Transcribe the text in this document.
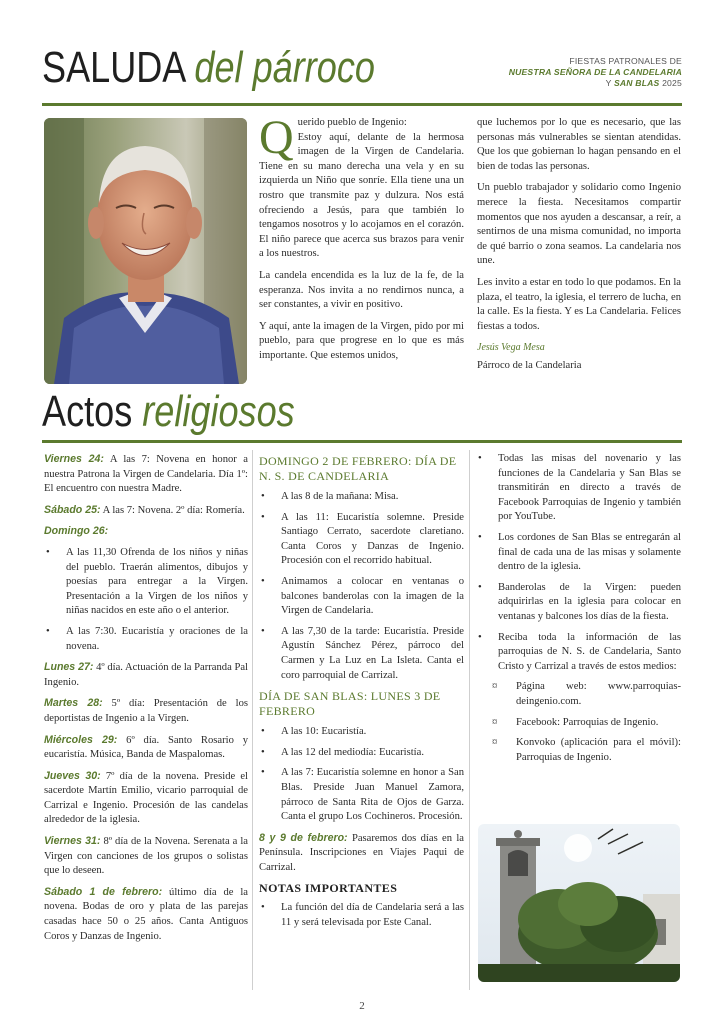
SALUDA del párroco	FIESTAS PATRONALES DE
NUESTRA SEÑORA DE LA CANDELARIA
Y SAN BLAS 2025

Querido pueblo de Ingenio:
Estoy aquí, delante de la hermosa imagen de la Virgen de Candelaria. Tiene en su mano derecha una vela y en su izquierda un Niño que sonríe. Ella tiene una un rostro que transmite paz y dulzura. Nos está ofreciendo a Jesús, para que también lo tengamos nosotros y lo acojamos en el corazón. El niño parece que acerca sus brazos para venir a los nuestros.

La candela encendida es la luz de la fe, de la esperanza. Nos invita a no rendirnos nunca, a ser constantes, a vivir en positivo.

Y aquí, ante la imagen de la Virgen, pido por mi pueblo, para que progrese en lo que es más importante. Que estemos unidos,

que luchemos por lo que es necesario, que las personas más vulnerables se sientan atendidas. Que los que gobiernan lo hagan pensando en el bien de todas las personas.

Un pueblo trabajador y solidario como Ingenio merece la fiesta. Necesitamos compartir momentos que nos ayuden a descansar, a reír, a sentirnos de una misma comunidad, no importa de qué barrio o zona seamos. La candelaria nos une.

Les invito a estar en todo lo que podamos. En la plaza, el teatro, la iglesia, el terrero de lucha, en la calle. Es la fiesta. Y es La Candelaria. Felices fiestas a todos.

Jesús Vega Mesa
Párroco de la Candelaria
Actos religiosos

Viernes 24: A las 7: Novena en honor a nuestra Patrona la Virgen de Candelaria. Día 1º: El encuentro con nuestra Madre.

Sábado 25: A las 7: Novena. 2º día: Romería.

Domingo 26:

• A las 11,30 Ofrenda de los niños y niñas del pueblo. Traerán alimentos, dibujos y poesías para entregar a la Virgen. Presentación a la Virgen de los niños y niñas nacidos en este año o el anterior.
• A las 7:30. Eucaristía y oraciones de la novena.

Lunes 27: 4º día. Actuación de la Parranda Pal Ingenio.

Martes 28: 5º día: Presentación de los deportistas de Ingenio a la Virgen.

Miércoles 29: 6º día. Santo Rosario y eucaristía. Música, Banda de Maspalomas.

Jueves 30: 7º día de la novena. Preside el sacerdote Martín Emilio, vicario parroquial de Carrizal e Ingenio. Procesión de las candelas alrededor de la iglesia.

Viernes 31: 8º día de la Novena. Serenata a la Virgen con canciones de los grupos o solistas que lo deseen.

Sábado 1 de febrero: último día de la novena. Bodas de oro y plata de las parejas casadas hace 50 o 25 años. Canta Antiguos Coros y Danzas de Ingenio.

DOMINGO 2 DE FEBRERO: DÍA DE N. S. DE CANDELARIA
• A las 8 de la mañana: Misa.
• A las 11: Eucaristía solemne. Preside Santiago Cerrato, sacerdote claretiano. Canta Coros y Danzas de Ingenio. Procesión con el recorrido habitual.
• Animamos a colocar en ventanas o balcones banderolas con la imagen de la Virgen de Candelaria.
• A las 7,30 de la tarde: Eucaristía. Preside Agustín Sánchez Pérez, párroco del Carmen y La Luz en La Isleta. Canta el coro parroquial de Carrizal.
DÍA DE SAN BLAS: LUNES 3 DE FEBRERO
• A las 10: Eucaristía.
• A las 12 del mediodía: Eucaristía.
• A las 7: Eucaristía solemne en honor a San Blas. Preside Juan Manuel Zamora, párroco de Santa Rita de Ojos de Garza. Canta el grupo Los Cochineros. Procesión.

8 y 9 de febrero: Pasaremos dos días en la Península. Inscripciones en Viajes Paqui de Carrizal.

NOTAS IMPORTANTES
• La función del día de Candelaria será a las 11 y será televisada por Este Canal.
• Todas las misas del novenario y las funciones de la Candelaria y San Blas se transmitirán en directo a través de Facebook Parroquias de Ingenio y también por YouTube.
• Los cordones de San Blas se entregarán al final de cada una de las misas y solamente dentro de la iglesia.
• Banderolas de la Virgen: pueden adquirirlas en la iglesia para colocar en ventanas y balcones los días de la fiesta.
• Reciba toda la información de las parroquias de N. S. de Candelaria, Santo Cristo y Carrizal a través de estos medios:
¤ Página web: www.parroquias-deingenio.com.
¤ Facebook: Parroquias de Ingenio.
¤ Konvoko (aplicación para el móvil): Parroquias de Ingenio.
2
